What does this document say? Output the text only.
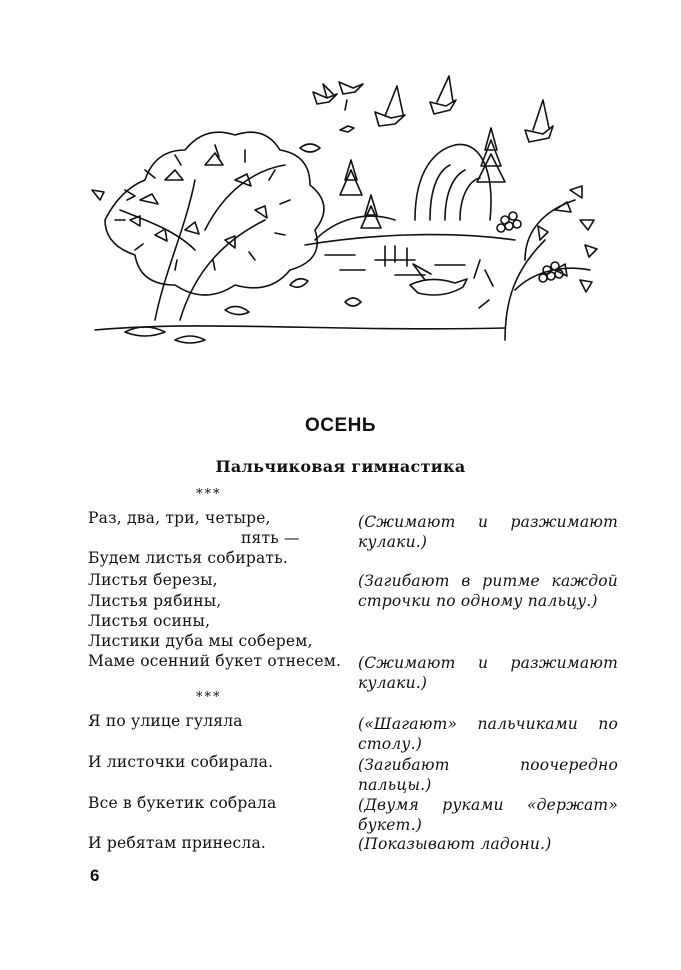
ОСЕНЬ
Пальчиковая гимнастика
***
Раз, два, три, четыре,
пять —
Будем листья собирать.
Листья березы,
Листья рябины,
Листья осины,
Листики дуба мы соберем,
Маме осенний букет отнесем.
(Сжимают и разжимают кулаки.)
(Загибают в ритме каждой строчки по одному пальцу.)
(Сжимают и разжимают кулаки.)
***
Я по улице гуляла
И листочки собирала.
Все в букетик собрала
И ребятам принесла.
(«Шагают» пальчиками по столу.)
(Загибают поочередно пальцы.)
(Двумя руками «держат» букет.)
(Показывают ладони.)
6
